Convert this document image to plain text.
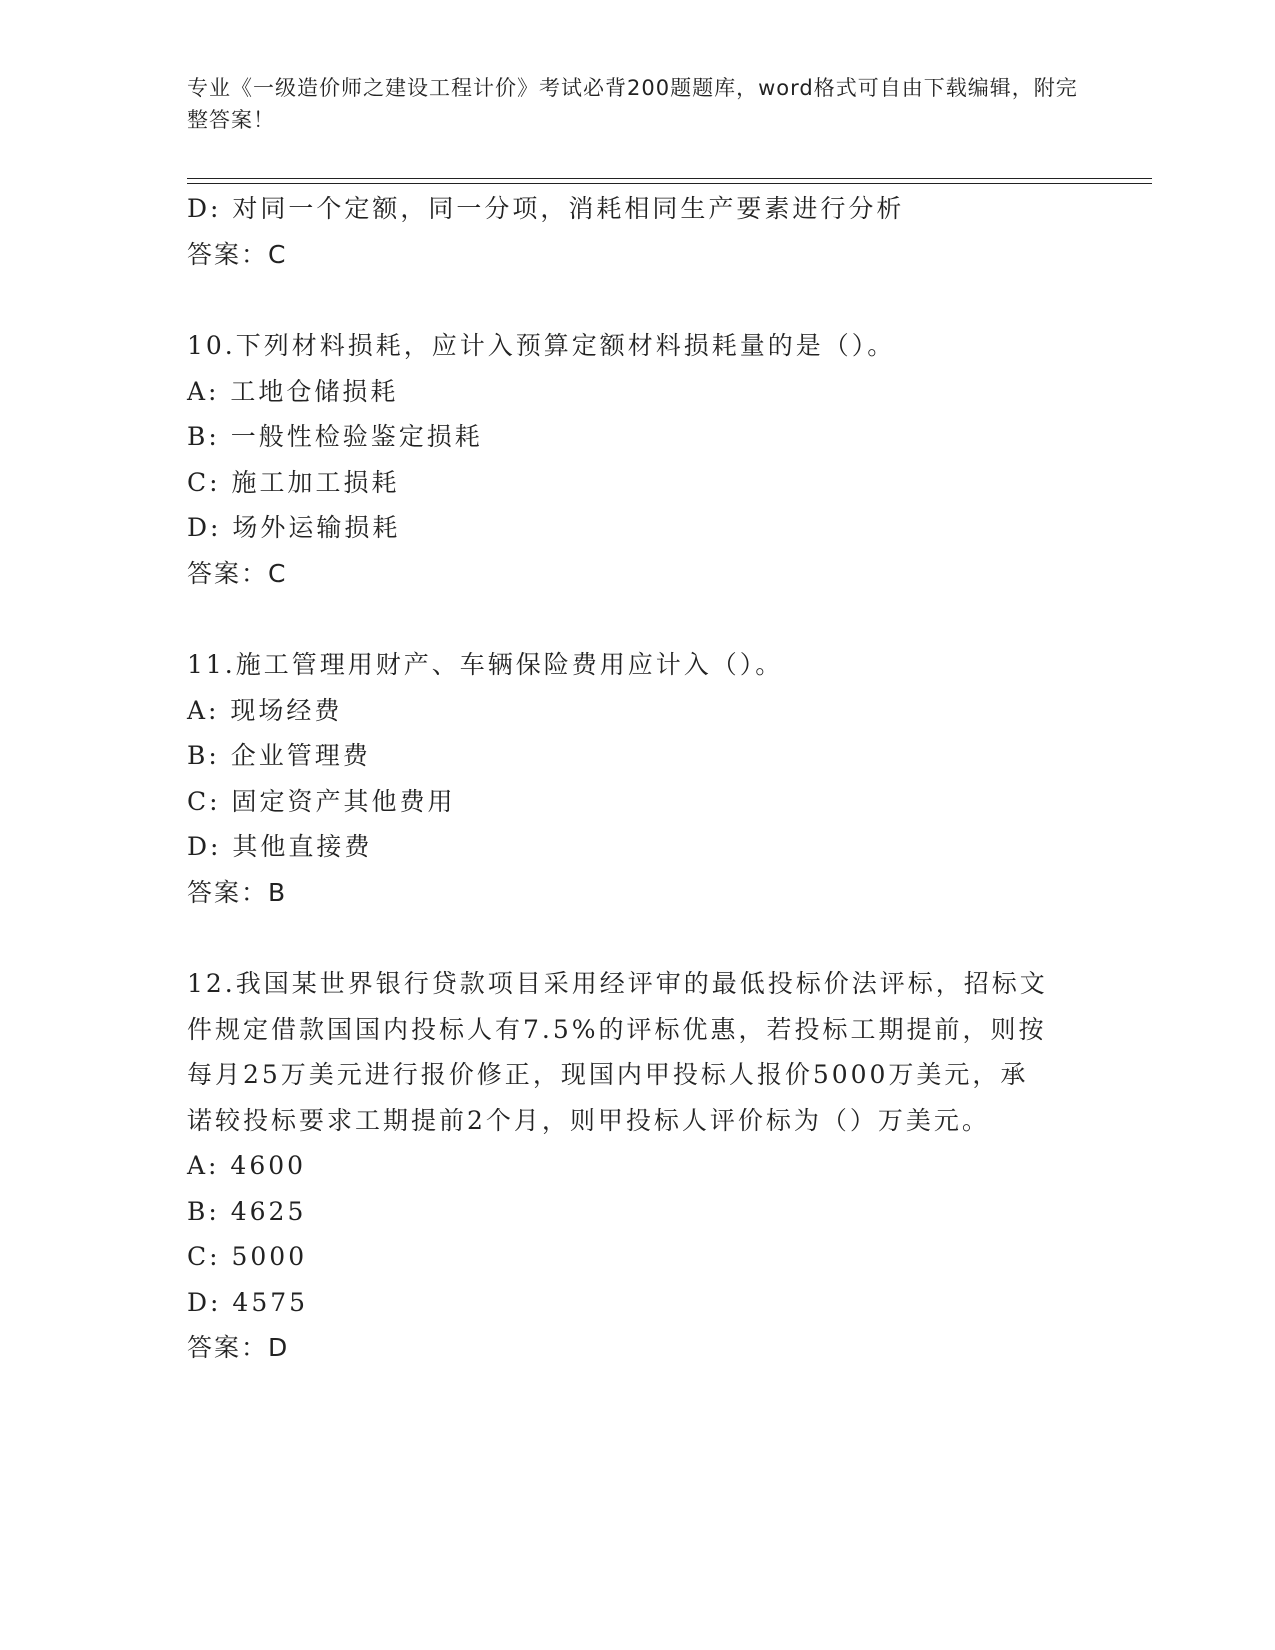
专业《一级造价师之建设工程计价》考试必背200题题库，word格式可自由下载编辑，附完整答案！
D: 对同一个定额，同一分项，消耗相同生产要素进行分析
答案：C
10.下列材料损耗，应计入预算定额材料损耗量的是（）。
A: 工地仓储损耗
B: 一般性检验鉴定损耗
C: 施工加工损耗
D: 场外运输损耗
答案：C
11.施工管理用财产、车辆保险费用应计入（）。
A: 现场经费
B: 企业管理费
C: 固定资产其他费用
D: 其他直接费
答案：B
12.我国某世界银行贷款项目采用经评审的最低投标价法评标，招标文
件规定借款国国内投标人有7.5%的评标优惠，若投标工期提前，则按
每月25万美元进行报价修正，现国内甲投标人报价5000万美元，承
诺较投标要求工期提前2个月，则甲投标人评价标为（）万美元。
A: 4600
B: 4625
C: 5000
D: 4575
答案：D
